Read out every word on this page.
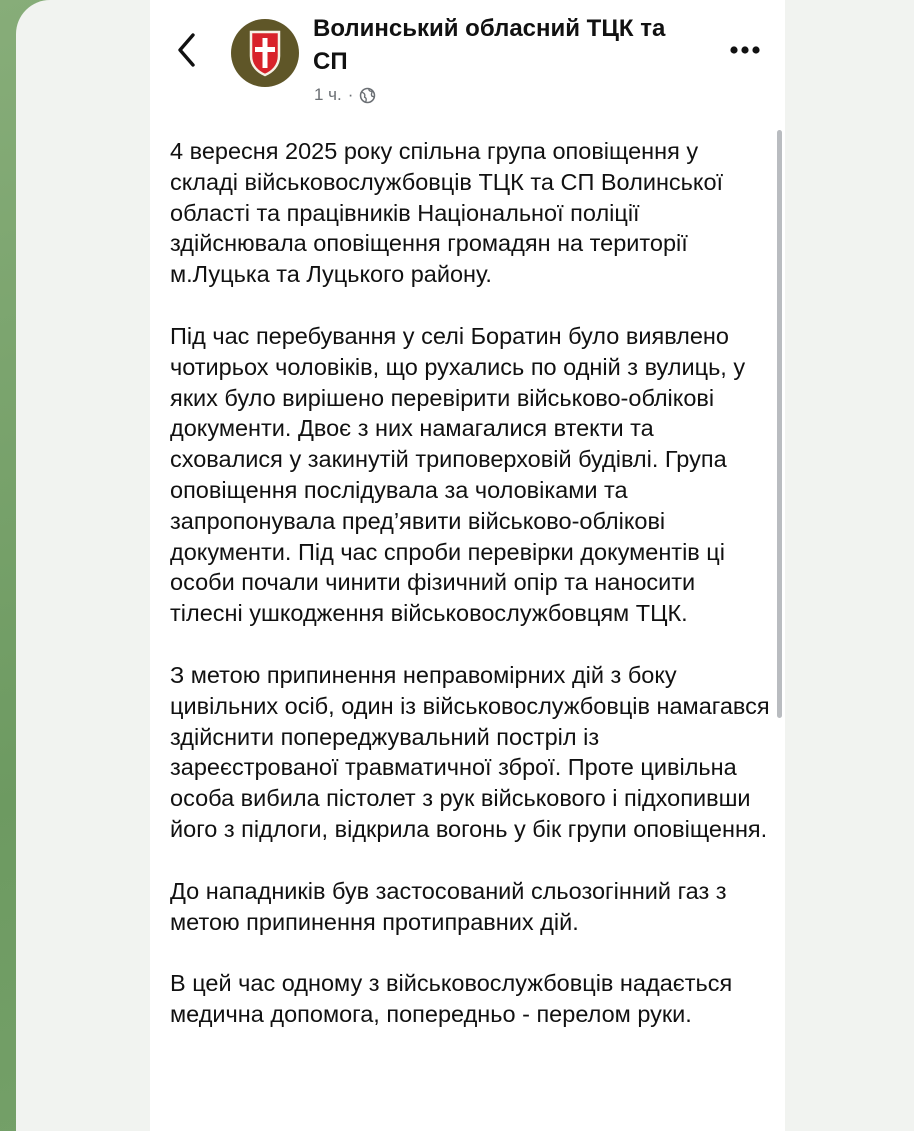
Волинський обласний ТЦК та СП
1 ч. ·

4 вересня 2025 року спільна група оповіщення у складі військовослужбовців ТЦК та СП Волинської області та працівників Національної поліції здійснювала оповіщення громадян на території м.Луцька та Луцького району.

Під час перебування у селі Боратин було виявлено чотирьох чоловіків, що рухались по одній з вулиць, у яких було вирішено перевірити військово-облікові документи. Двоє з них намагалися втекти та сховалися у закинутій триповерховій будівлі. Група оповіщення послідувала за чоловіками та запропонувала пред’явити військово-облікові документи. Під час спроби перевірки документів ці особи почали чинити фізичний опір та наносити тілесні ушкодження військовослужбовцям ТЦК.

З метою припинення неправомірних дій з боку цивільних осіб, один із військовослужбовців намагався здійснити попереджувальний постріл із зареєстрованої травматичної зброї. Проте цивільна особа вибила пістолет з рук військового і підхопивши його з підлоги, відкрила вогонь у бік групи оповіщення.

До нападників був застосований сльозогінний газ з метою припинення протиправних дій.

В цей час одному з військовослужбовців надається медична допомога, попередньо - перелом руки.
